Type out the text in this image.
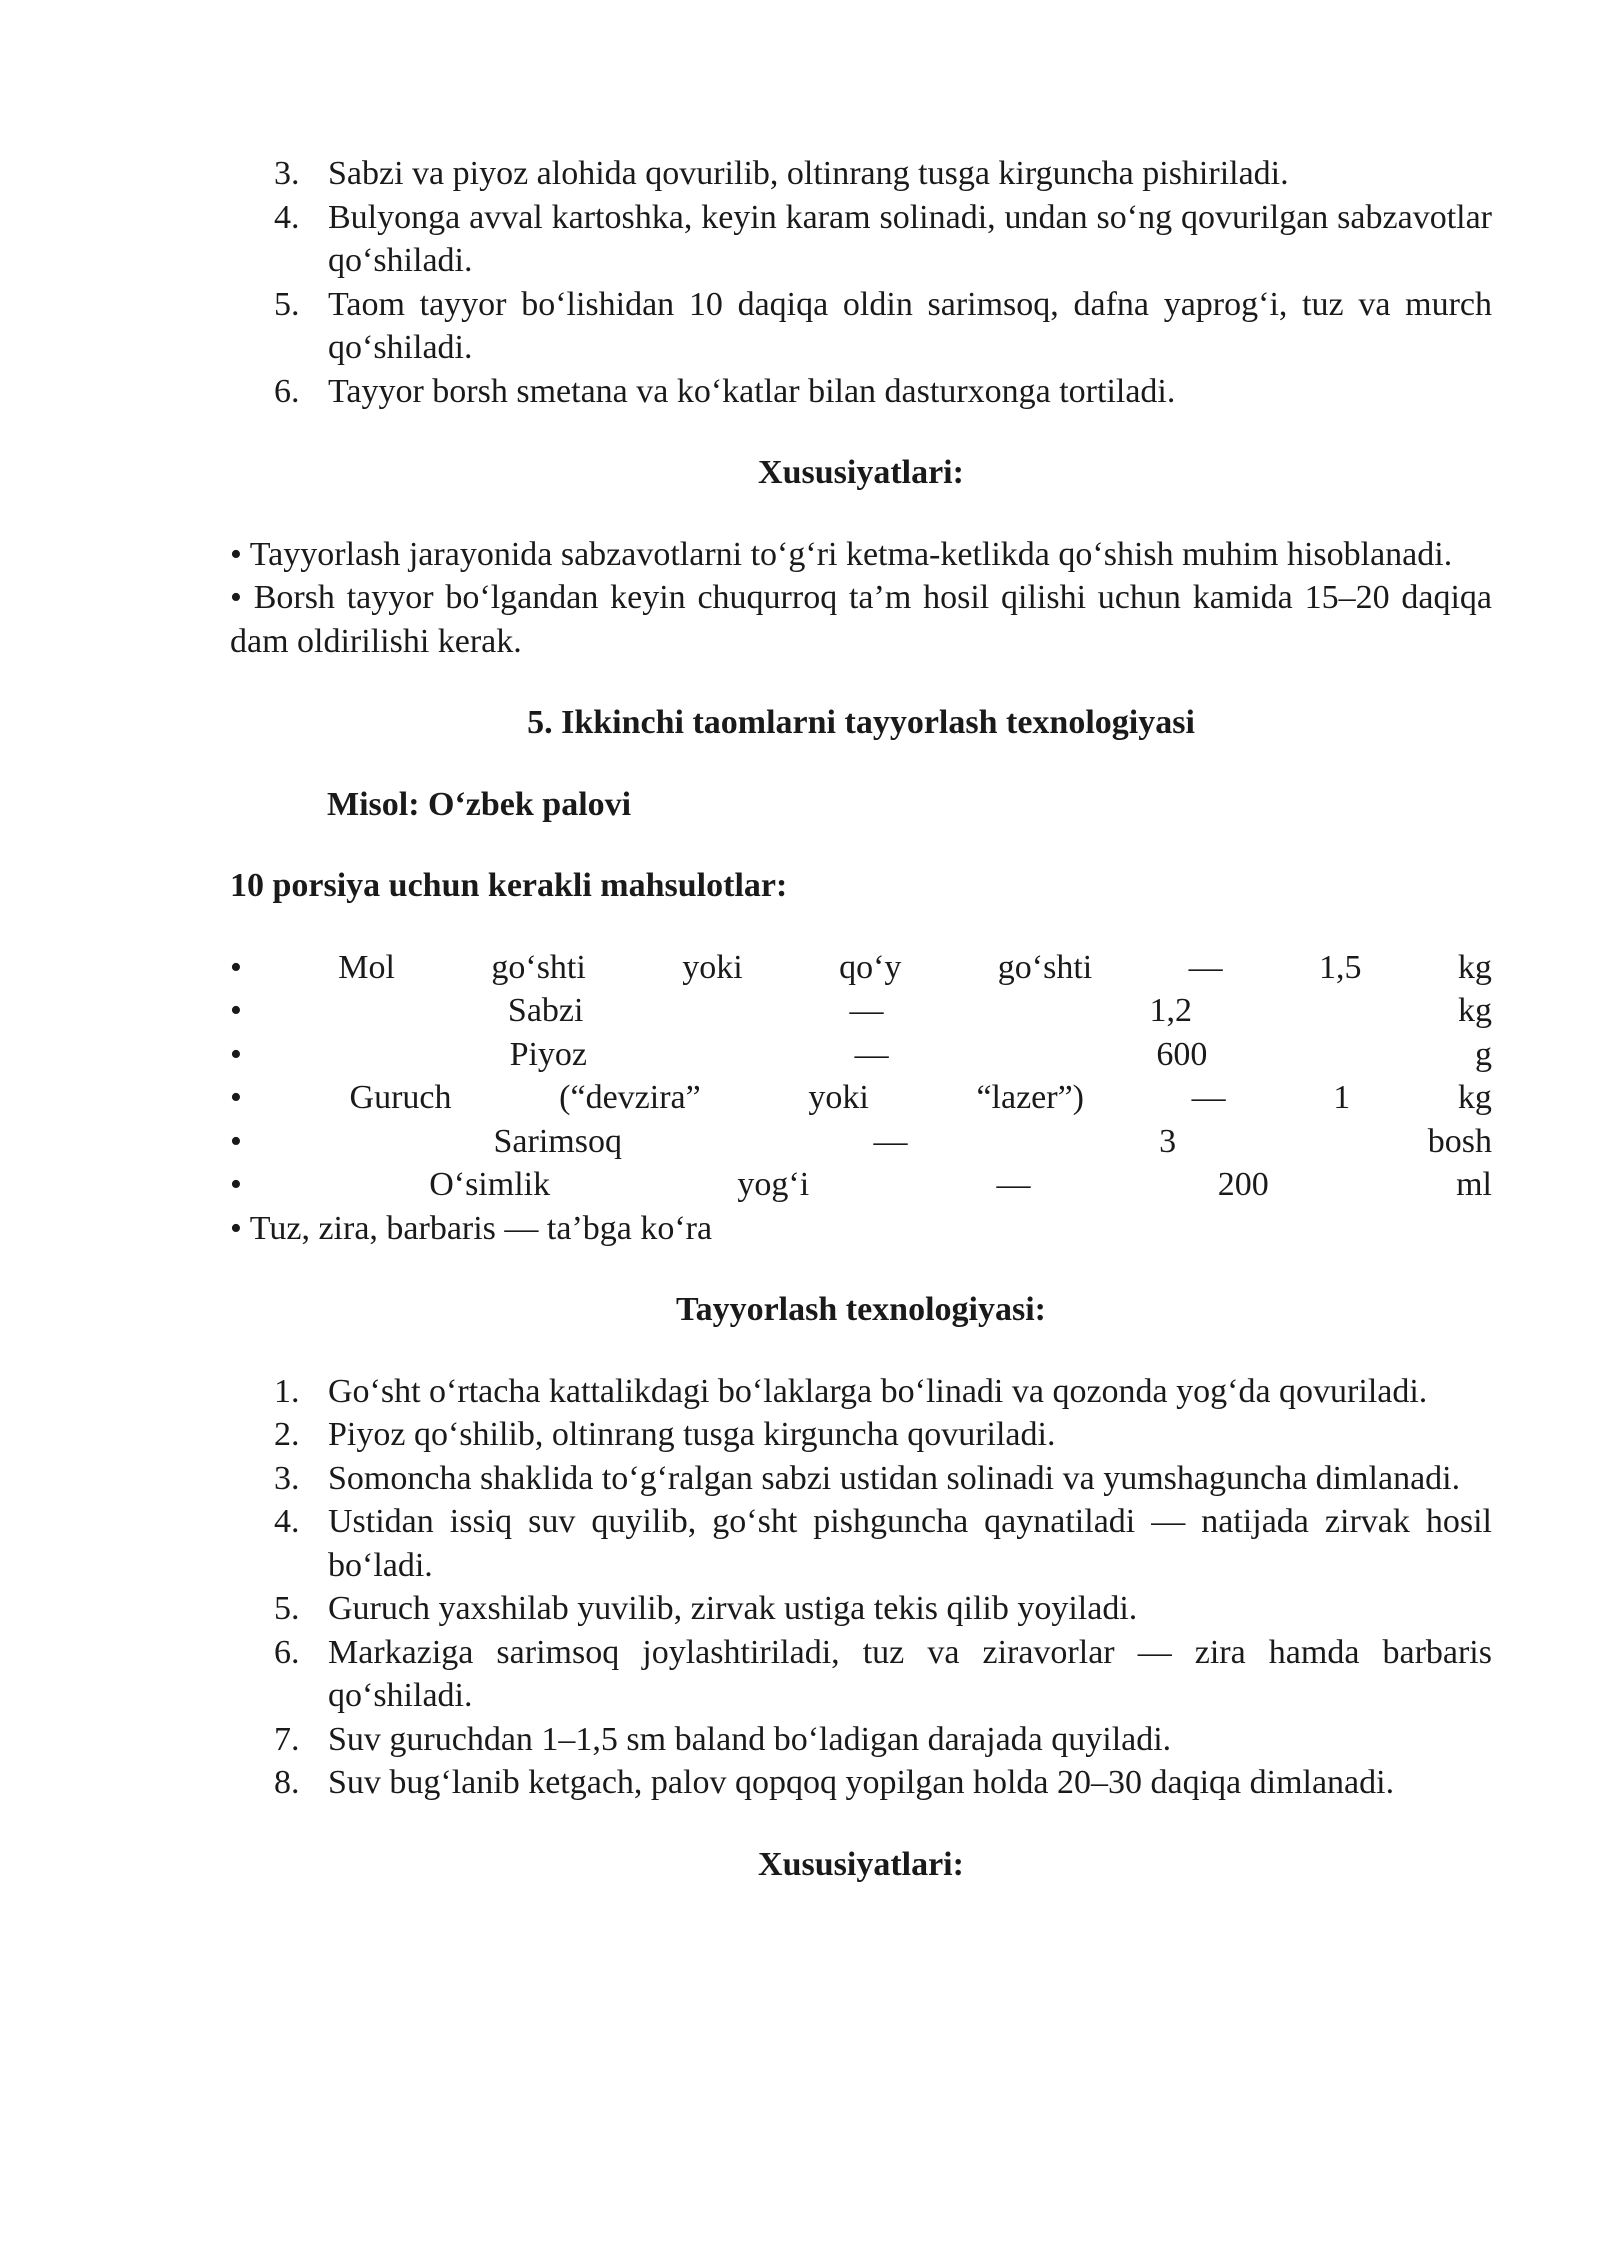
3. Sabzi va piyoz alohida qovurilib, oltinrang tusga kirguncha pishiriladi.
4. Bulyonga avval kartoshka, keyin karam solinadi, undan so‘ng qovurilgan sabzavotlar qo‘shiladi.
5. Taom tayyor bo‘lishidan 10 daqiqa oldin sarimsoq, dafna yaprog‘i, tuz va murch qo‘shiladi.
6. Tayyor borsh smetana va ko‘katlar bilan dasturxonga tortiladi.

Xususiyatlari:

• Tayyorlash jarayonida sabzavotlarni to‘g‘ri ketma-ketlikda qo‘shish muhim hisoblanadi.

• Borsh tayyor bo‘lgandan keyin chuqurroq ta’m hosil qilishi uchun kamida 15–20 daqiqa dam oldirilishi kerak.

5. Ikkinchi taomlarni tayyorlash texnologiyasi

Misol: O‘zbek palovi

10 porsiya uchun kerakli mahsulotlar:

•	Mol	go‘shti	yoki	qo‘y	go‘shti	—	1,5	kg
•	Sabzi	—	1,2	kg
•	Piyoz	—	600	g
•	Guruch	(“devzira”	yoki	“lazer”)	—	1	kg
•	Sarimsoq	—	3	bosh
•	O‘simlik	yog‘i	—	200	ml

• Tuz, zira, barbaris — ta’bga ko‘ra

Tayyorlash texnologiyasi:

1. Go‘sht o‘rtacha kattalikdagi bo‘laklarga bo‘linadi va qozonda yog‘da qovuriladi.
2. Piyoz qo‘shilib, oltinrang tusga kirguncha qovuriladi.
3. Somoncha shaklida to‘g‘ralgan sabzi ustidan solinadi va yumshaguncha dimlanadi.
4. Ustidan issiq suv quyilib, go‘sht pishguncha qaynatiladi — natijada zirvak hosil bo‘ladi.
5. Guruch yaxshilab yuvilib, zirvak ustiga tekis qilib yoyiladi.
6. Markaziga sarimsoq joylashtiriladi, tuz va ziravorlar — zira hamda barbaris qo‘shiladi.
7. Suv guruchdan 1–1,5 sm baland bo‘ladigan darajada quyiladi.
8. Suv bug‘lanib ketgach, palov qopqoq yopilgan holda 20–30 daqiqa dimlanadi.

Xususiyatlari:
